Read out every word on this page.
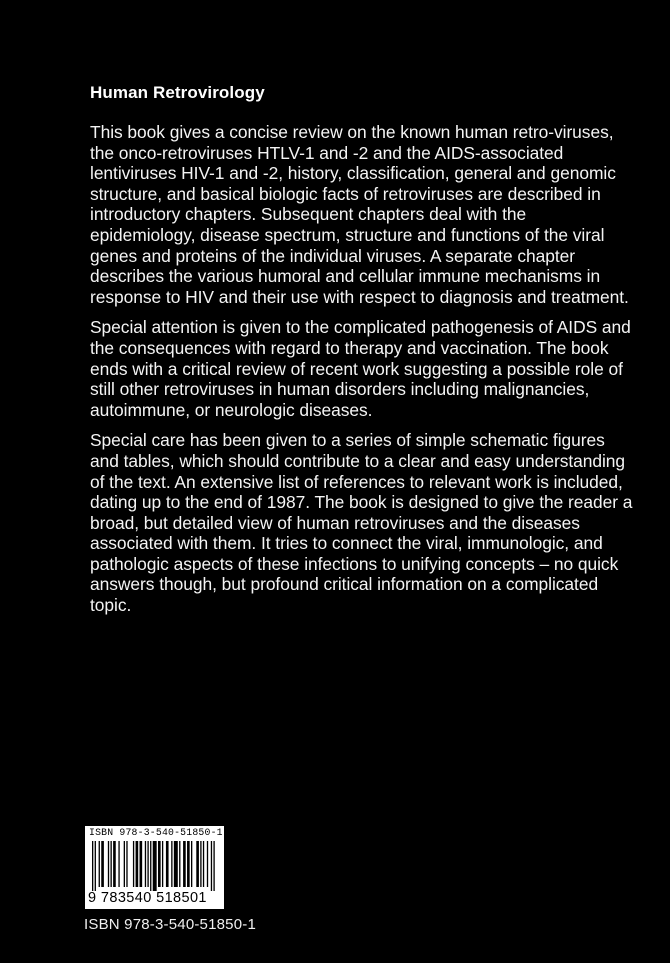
Human Retrovirology

This book gives a concise review on the known human retro-viruses, the onco-retroviruses HTLV-1 and -2 and the AIDS-associated lentiviruses HIV-1 and -2, history, classification, general and genomic structure, and basical biologic facts of retroviruses are described in introductory chapters. Subsequent chapters deal with the epidemiology, disease spectrum, structure and functions of the viral genes and proteins of the individual viruses. A separate chapter describes the various humoral and cellular immune mechanisms in response to HIV and their use with respect to diagnosis and treatment.

Special attention is given to the complicated pathogenesis of AIDS and the consequences with regard to therapy and vaccination. The book ends with a critical review of recent work suggesting a possible role of still other retroviruses in human disorders including malignancies, autoimmune, or neurologic diseases.

Special care has been given to a series of simple schematic figures and tables, which should contribute to a clear and easy understanding of the text. An extensive list of references to relevant work is included, dating up to the end of 1987. The book is designed to give the reader a broad, but detailed view of human retroviruses and the diseases associated with them. It tries to connect the viral, immunologic, and pathologic aspects of these infections to unifying concepts – no quick answers though, but profound critical information on a complicated topic.

ISBN 978-3-540-51850-1
9 783540 518501
ISBN 978-3-540-51850-1
